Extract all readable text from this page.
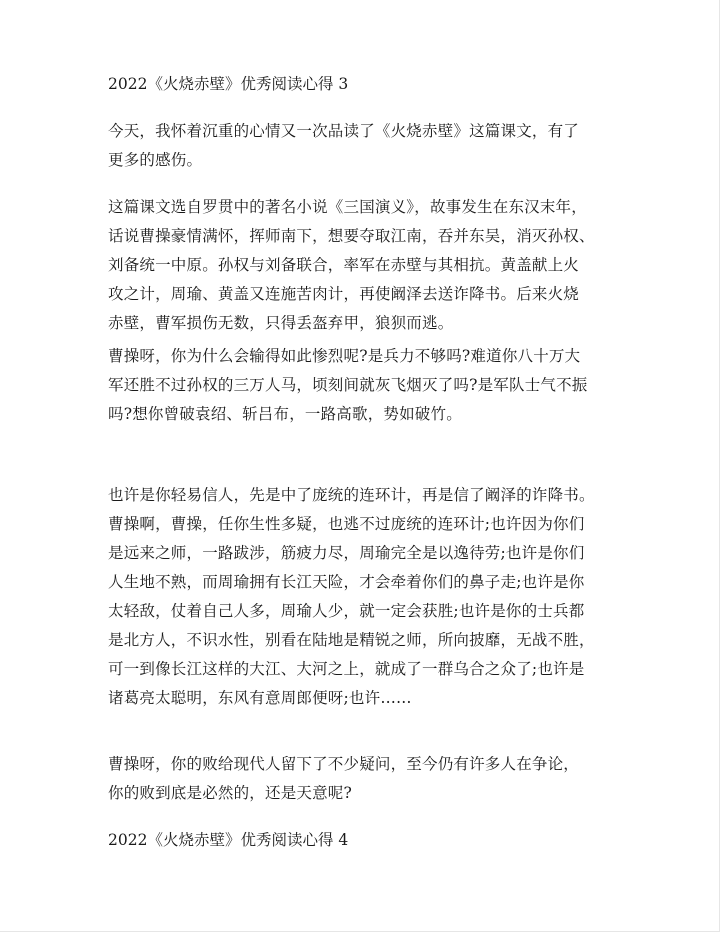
2022《火烧赤壁》优秀阅读心得 3
今天，我怀着沉重的心情又一次品读了《火烧赤壁》这篇课文，有了
更多的感伤。
这篇课文选自罗贯中的著名小说《三国演义》，故事发生在东汉末年，
话说曹操豪情满怀，挥师南下，想要夺取江南，吞并东吴，消灭孙权、
刘备统一中原。孙权与刘备联合，率军在赤壁与其相抗。黄盖献上火
攻之计，周瑜、黄盖又连施苦肉计，再使阚泽去送诈降书。后来火烧
赤壁，曹军损伤无数，只得丢盔弃甲，狼狈而逃。
曹操呀，你为什么会输得如此惨烈呢?是兵力不够吗?难道你八十万大
军还胜不过孙权的三万人马，顷刻间就灰飞烟灭了吗?是军队士气不振
吗?想你曾破袁绍、斩吕布，一路高歌，势如破竹。
也许是你轻易信人，先是中了庞统的连环计，再是信了阚泽的诈降书。
曹操啊，曹操，任你生性多疑，也逃不过庞统的连环计;也许因为你们
是远来之师，一路跋涉，筋疲力尽，周瑜完全是以逸待劳;也许是你们
人生地不熟，而周瑜拥有长江天险，才会牵着你们的鼻子走;也许是你
太轻敌，仗着自己人多，周瑜人少，就一定会获胜;也许是你的士兵都
是北方人，不识水性，别看在陆地是精锐之师，所向披靡，无战不胜，
可一到像长江这样的大江、大河之上，就成了一群乌合之众了;也许是
诸葛亮太聪明，东风有意周郎便呀;也许……
曹操呀，你的败给现代人留下了不少疑问，至今仍有许多人在争论，
你的败到底是必然的，还是天意呢?
2022《火烧赤壁》优秀阅读心得 4
